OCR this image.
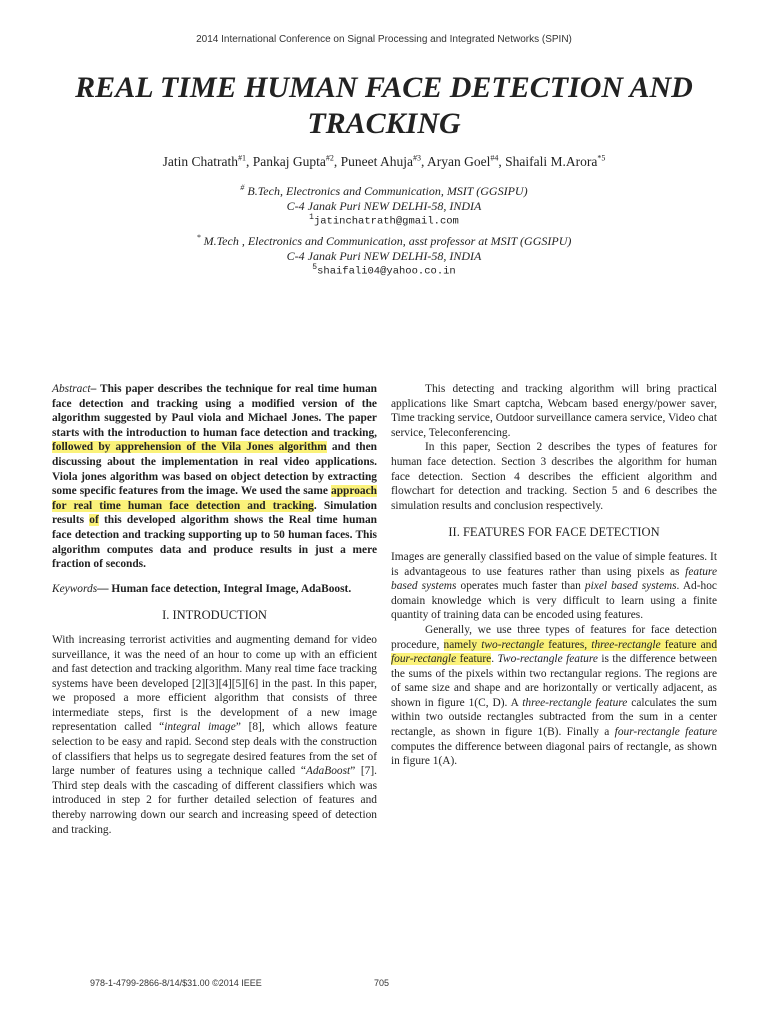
2014 International Conference on Signal Processing and Integrated Networks (SPIN)
REAL TIME HUMAN FACE DETECTION AND TRACKING
Jatin Chatrath$^{\#1}$, Pankaj Gupta$^{\#2}$, Puneet Ahuja$^{\#3}$, Aryan Goel$^{\#4}$, Shaifali M.Arora$^{*5}$
# B.Tech, Electronics and Communication, MSIT (GGSIPU)
C-4 Janak Puri NEW DELHI-58, INDIA
$^1$jatinchatrath@gmail.com
* M.Tech , Electronics and Communication, asst professor at MSIT (GGSIPU)
C-4 Janak Puri NEW DELHI-58, INDIA
$^5$shaifali04@yahoo.co.in

Abstract– This paper describes the technique for real time human face detection and tracking using a modified version of the algorithm suggested by Paul viola and Michael Jones. The paper starts with the introduction to human face detection and tracking, followed by apprehension of the Vila Jones algorithm and then discussing about the implementation in real video applications. Viola jones algorithm was based on object detection by extracting some specific features from the image. We used the same approach for real time human face detection and tracking. Simulation results of this developed algorithm shows the Real time human face detection and tracking supporting up to 50 human faces. This algorithm computes data and produce results in just a mere fraction of seconds.

Keywords— Human face detection, Integral Image, AdaBoost.

I. INTRODUCTION

With increasing terrorist activities and augmenting demand for video surveillance, it was the need of an hour to come up with an efficient and fast detection and tracking algorithm. Many real time face tracking systems have been developed [2][3][4][5][6] in the past. In this paper, we proposed a more efficient algorithm that consists of three intermediate steps, first is the development of a new image representation called “integral image” [8], which allows feature selection to be easy and rapid. Second step deals with the construction of classifiers that helps us to segregate desired features from the set of large number of features using a technique called “AdaBoost” [7]. Third step deals with the cascading of different classifiers which was introduced in step 2 for further detailed selection of features and thereby narrowing down our search and increasing speed of detection and tracking.

This detecting and tracking algorithm will bring practical applications like Smart captcha, Webcam based energy/power saver, Time tracking service, Outdoor surveillance camera service, Video chat service, Teleconferencing.

In this paper, Section 2 describes the types of features for human face detection. Section 3 describes the algorithm for human face detection. Section 4 describes the efficient algorithm and flowchart for detection and tracking. Section 5 and 6 describes the simulation results and conclusion respectively.

II. FEATURES FOR FACE DETECTION

Images are generally classified based on the value of simple features. It is advantageous to use features rather than using pixels as feature based systems operates much faster than pixel based systems. Ad-hoc domain knowledge which is very difficult to learn using a finite quantity of training data can be encoded using features.

Generally, we use three types of features for face detection procedure, namely two-rectangle features, three-rectangle feature and four-rectangle feature. Two-rectangle feature is the difference between the sums of the pixels within two rectangular regions. The regions are of same size and shape and are horizontally or vertically adjacent, as shown in figure 1(C, D). A three-rectangle feature calculates the sum within two outside rectangles subtracted from the sum in a center rectangle, as shown in figure 1(B). Finally a four-rectangle feature computes the difference between diagonal pairs of rectangle, as shown in figure 1(A).

978-1-4799-2866-8/14/$31.00 ©2014 IEEE	705
